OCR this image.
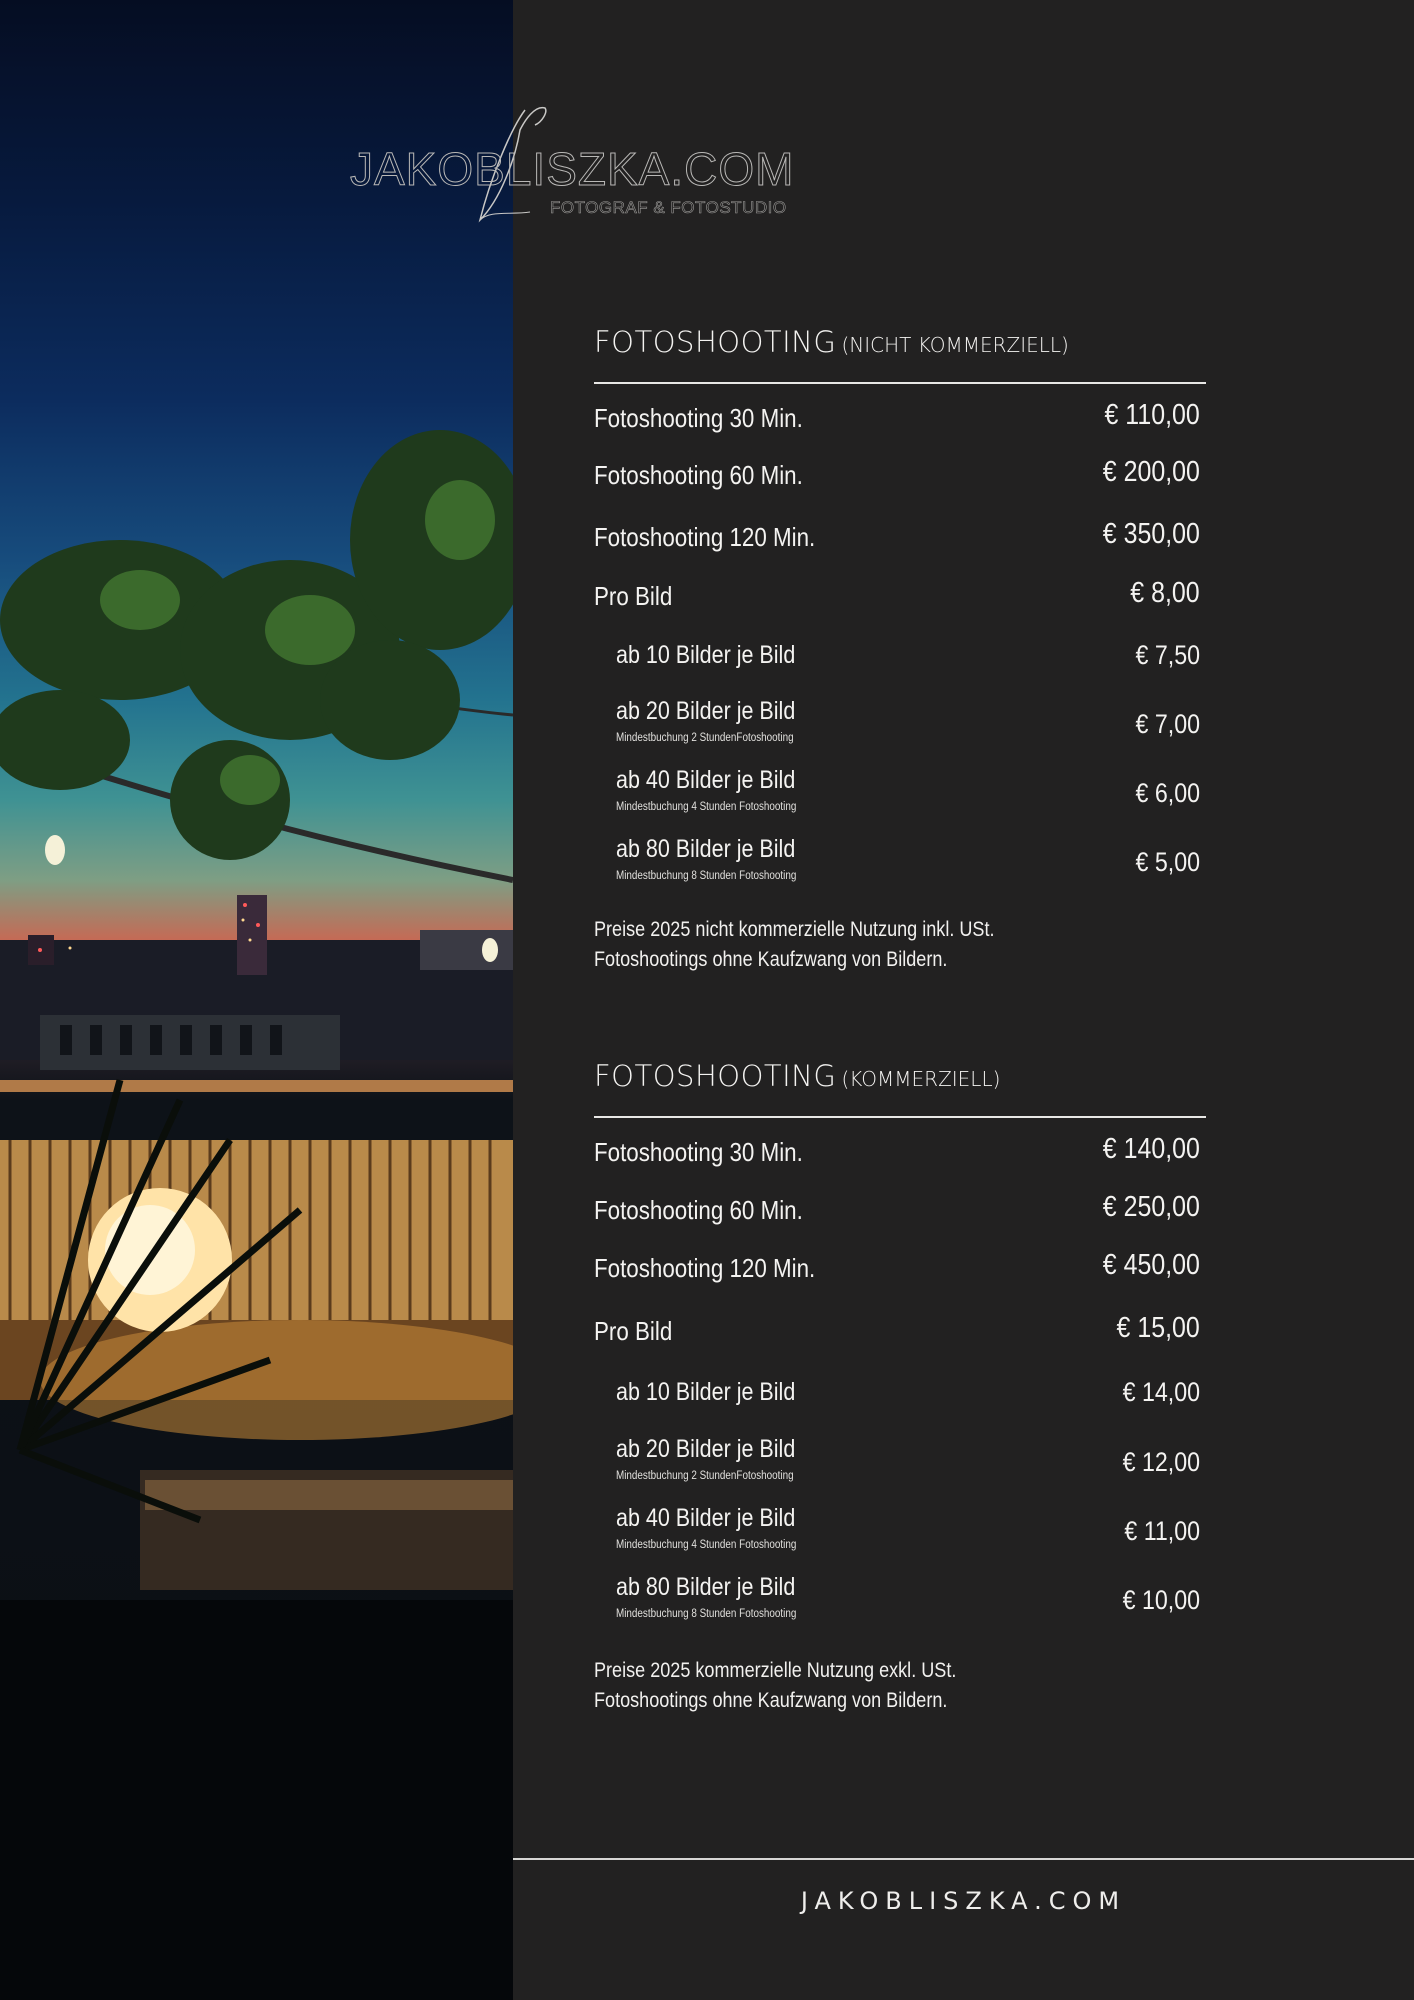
JAKOBLISZKA.COM
FOTOGRAF & FOTOSTUDIO
FOTOSHOOTING (NICHT KOMMERZIELL)
Fotoshooting 30 Min.	€ 110,00
Fotoshooting 60 Min.	€ 200,00
Fotoshooting 120 Min.	€ 350,00
Pro Bild	€ 8,00
ab 10 Bilder je Bild	€ 7,50
ab 20 Bilder je Bild
Mindestbuchung 2 StundenFotoshooting	€ 7,00
ab 40 Bilder je Bild
Mindestbuchung 4 Stunden Fotoshooting	€ 6,00
ab 80 Bilder je Bild
Mindestbuchung 8 Stunden Fotoshooting	€ 5,00
Preise 2025 nicht kommerzielle Nutzung inkl. USt.
Fotoshootings ohne Kaufzwang von Bildern.
FOTOSHOOTING (KOMMERZIELL)
Fotoshooting 30 Min.	€ 140,00
Fotoshooting 60 Min.	€ 250,00
Fotoshooting 120 Min.	€ 450,00
Pro Bild	€ 15,00
ab 10 Bilder je Bild	€ 14,00
ab 20 Bilder je Bild
Mindestbuchung 2 StundenFotoshooting	€ 12,00
ab 40 Bilder je Bild
Mindestbuchung 4 Stunden Fotoshooting	€ 11,00
ab 80 Bilder je Bild
Mindestbuchung 8 Stunden Fotoshooting	€ 10,00
Preise 2025 kommerzielle Nutzung exkl. USt.
Fotoshootings ohne Kaufzwang von Bildern.
JAKOBLISZKA.COM
